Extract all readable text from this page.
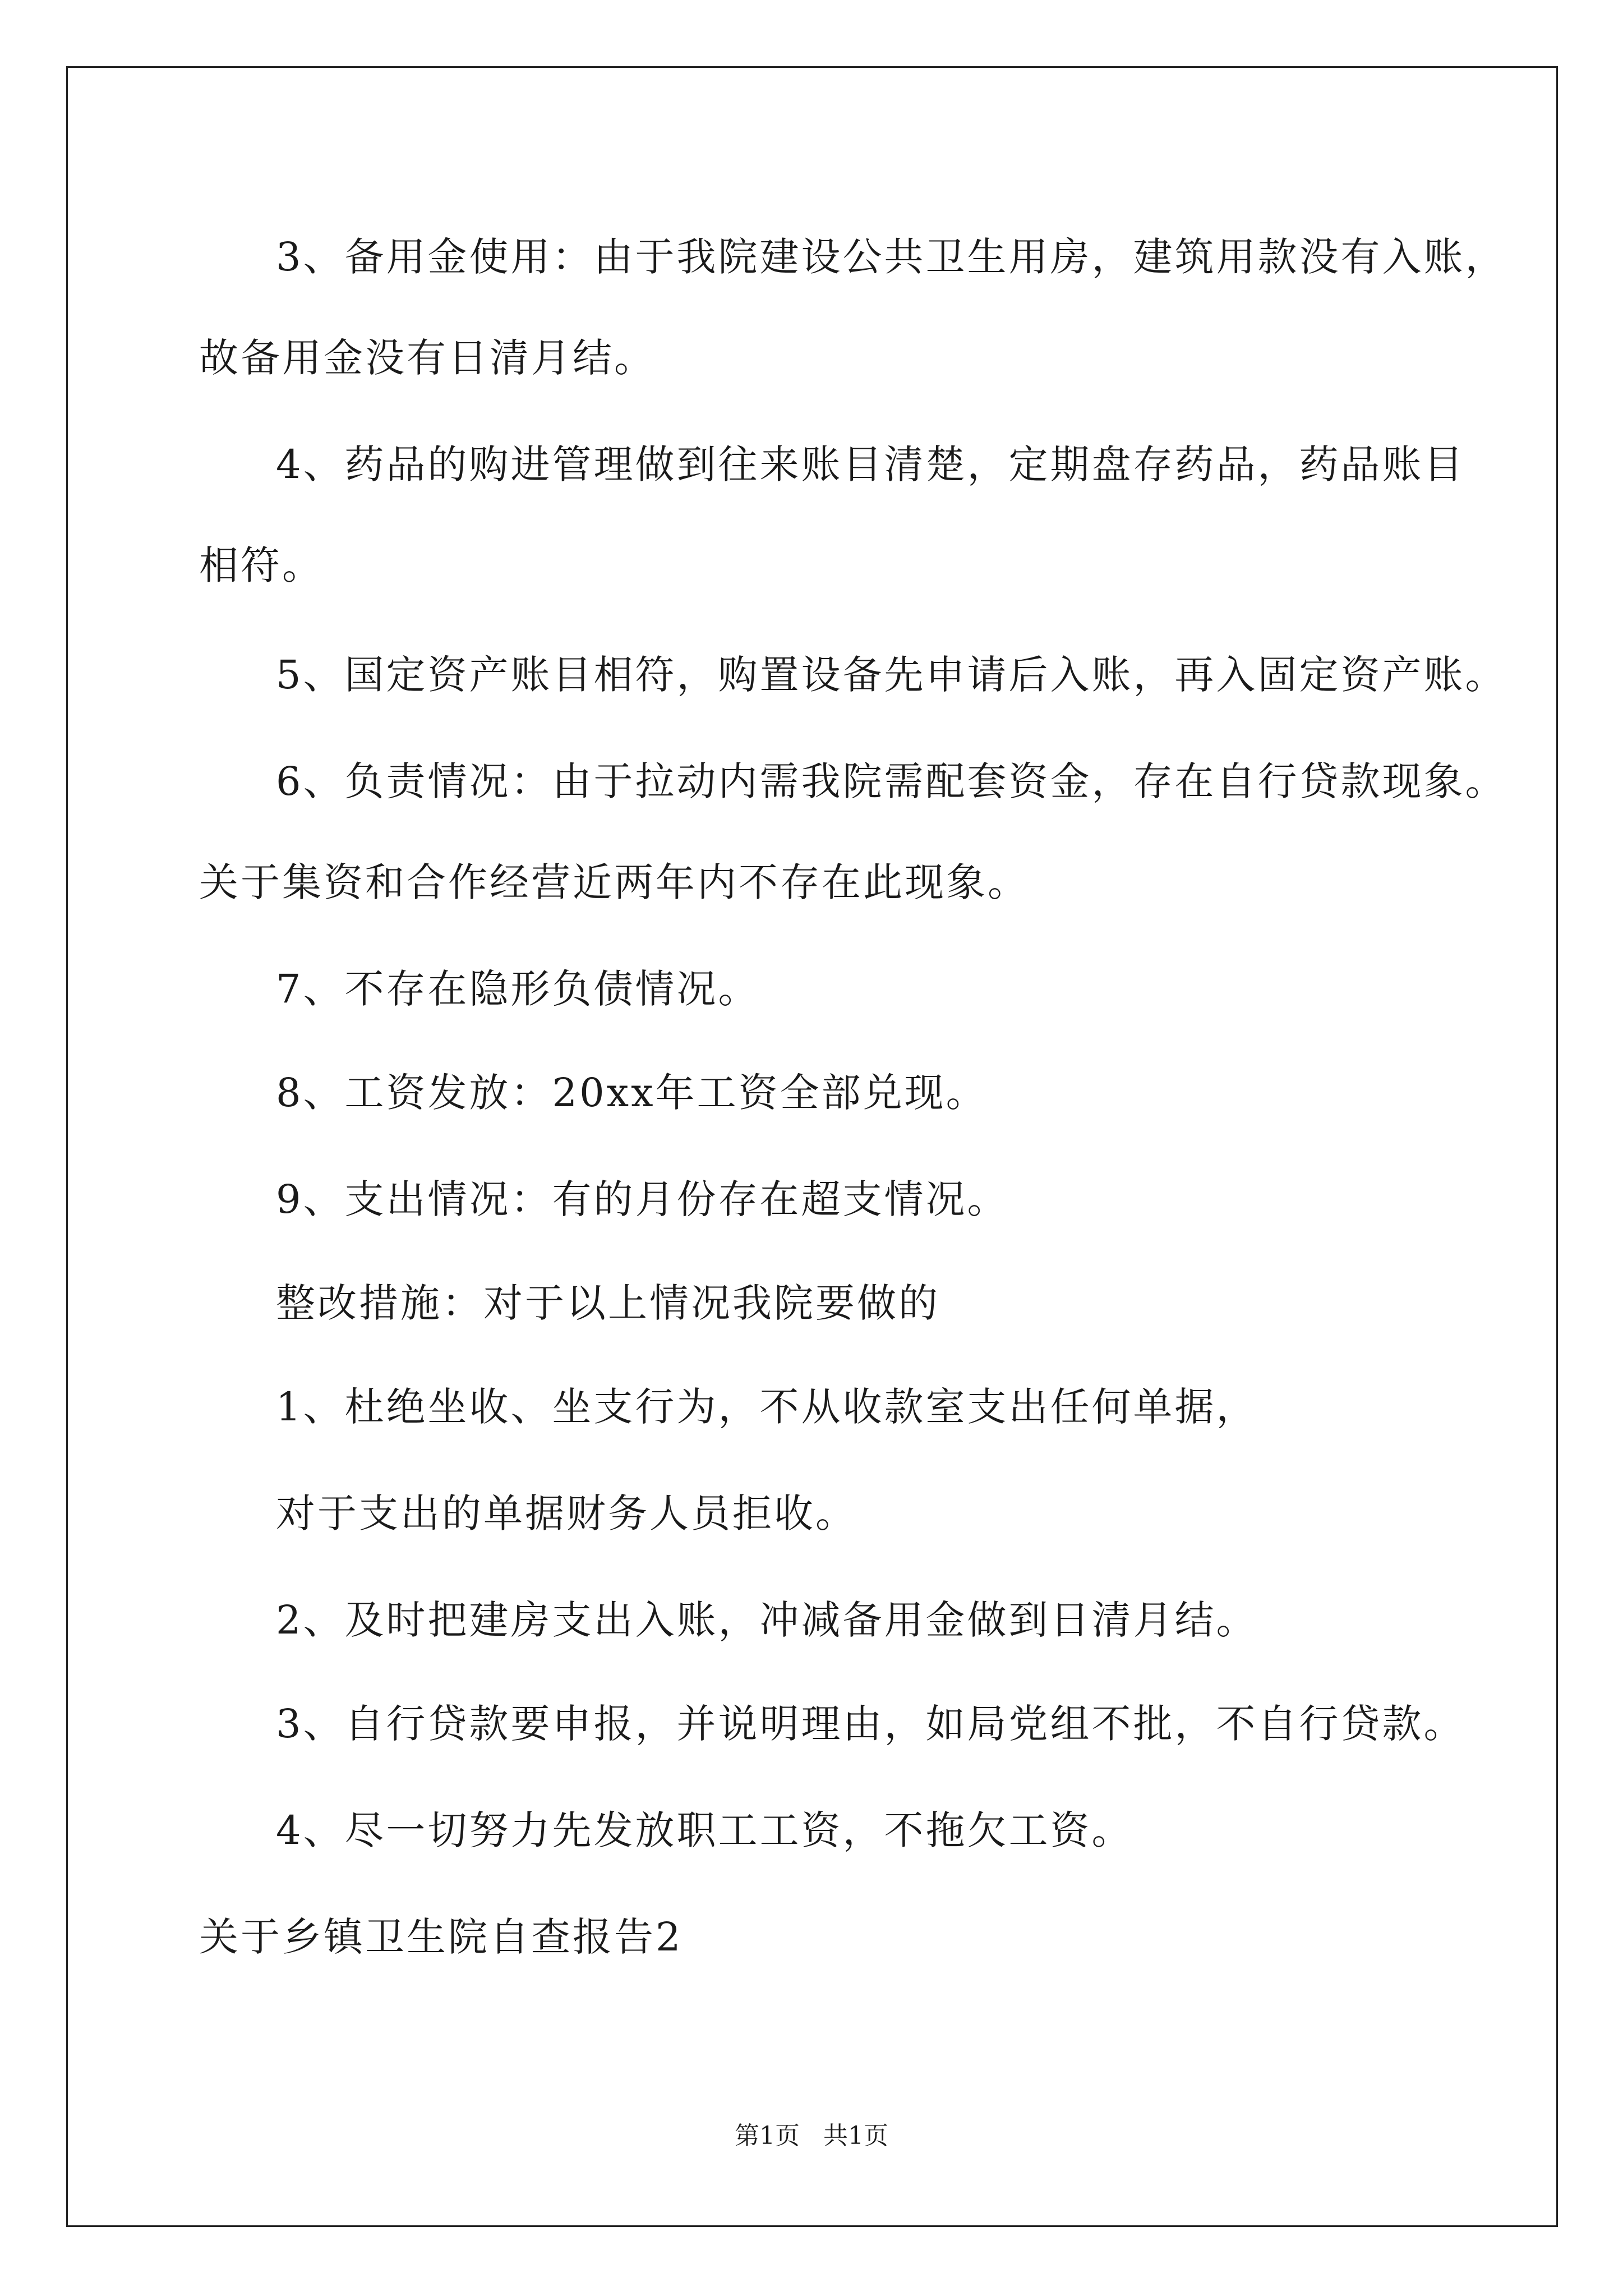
3、备用金使用：由于我院建设公共卫生用房，建筑用款没有入账，
故备用金没有日清月结。
4、药品的购进管理做到往来账目清楚，定期盘存药品，药品账目
相符。
5、国定资产账目相符，购置设备先申请后入账，再入固定资产账。
6、负责情况：由于拉动内需我院需配套资金，存在自行贷款现象。
关于集资和合作经营近两年内不存在此现象。
7、不存在隐形负债情况。
8、工资发放：20xx年工资全部兑现。
9、支出情况：有的月份存在超支情况。
整改措施：对于以上情况我院要做的
1、杜绝坐收、坐支行为，不从收款室支出任何单据，
对于支出的单据财务人员拒收。
2、及时把建房支出入账，冲减备用金做到日清月结。
3、自行贷款要申报，并说明理由，如局党组不批，不自行贷款。
4、尽一切努力先发放职工工资，不拖欠工资。
关于乡镇卫生院自查报告2
第1页   共1页
